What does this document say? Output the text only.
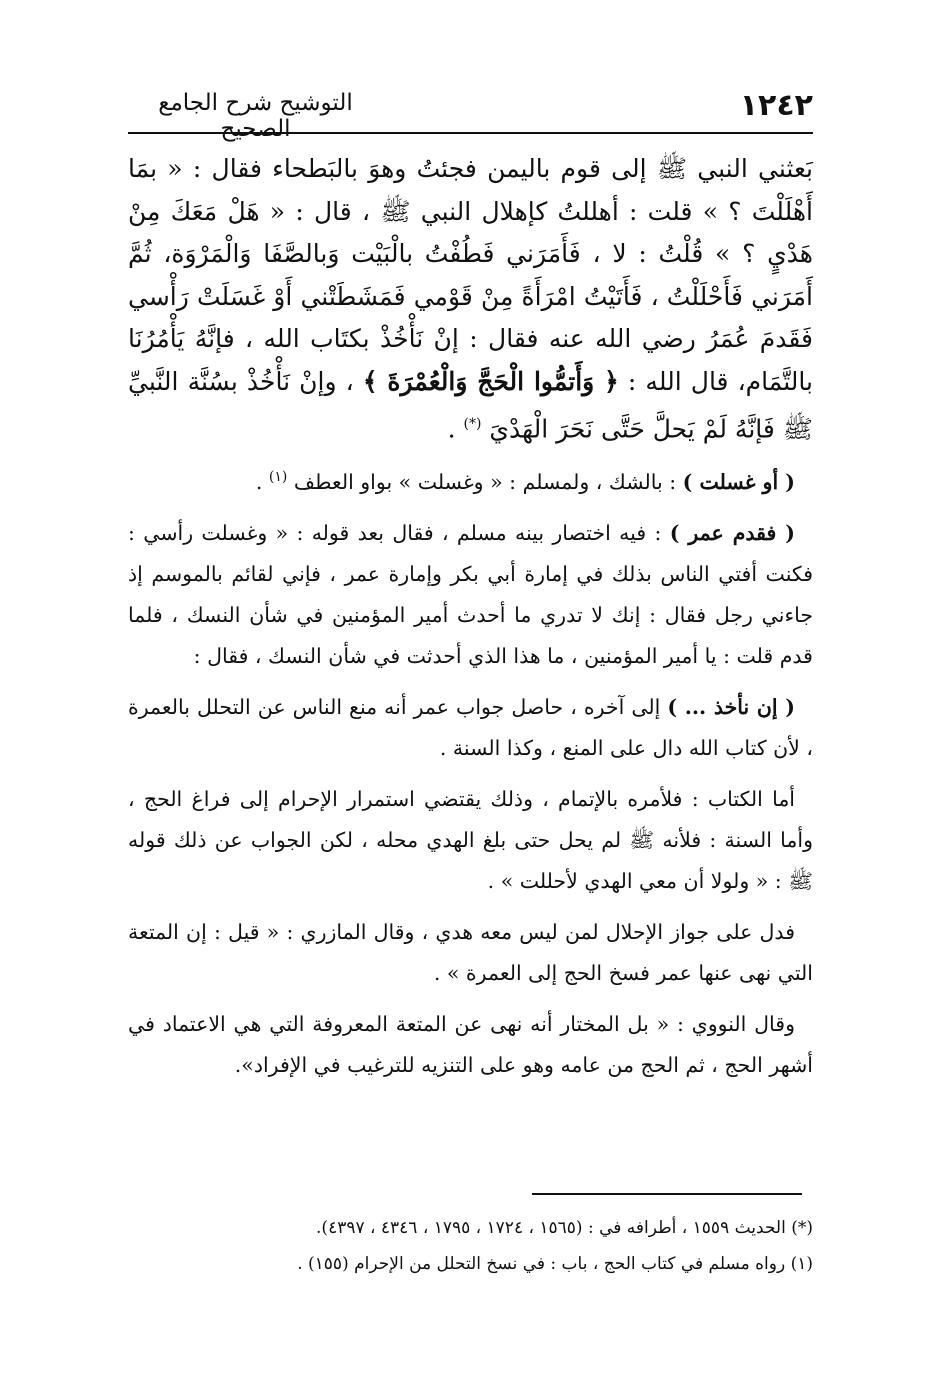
١٢٤٢
التوشيح شرح الجامع الصحيح

بَعثني النبي ﷺ إلى قوم باليمن فجئتُ وهوَ بالبَطحاء فقال : « بمَا أَهْلَلْتَ ؟ » قلت : أهللتُ كإهلال النبي ﷺ ، قال : « هَلْ مَعَكَ مِنْ هَدْيٍ ؟ » قُلْتُ : لا ، فَأَمَرَني فَطُفْتُ بالْبَيْت وَبالصَّفَا وَالْمَرْوَة، ثُمَّ أَمَرَني فَأَحْلَلْتُ ، فَأَتَيْتُ امْرَأَةً مِنْ قَوْمي فَمَشَطَتْني أَوْ غَسَلَتْ رَأْسي فَقَدمَ عُمَرُ رضي الله عنه فقال : إنْ نَأْخُذْ بكتَاب الله ، فإنَّهُ يَأْمُرُنَا بالتَّمَام، قال الله : ﴿ وَأَتمُّوا الْحَجَّ وَالْعُمْرَةَ ﴾ ، وإنْ نَأْخُذْ بسُنَّة النَّبيِّ ﷺ فَإنَّهُ لَمْ يَحلَّ حَتَّى نَحَرَ الْهَدْيَ (*) .

( أو غسلت ) : بالشك ، ولمسلم : « وغسلت » بواو العطف $^{(١)}$ .

( فقدم عمر ) : فيه اختصار بينه مسلم ، فقال بعد قوله : « وغسلت رأسي : فكنت أفتي الناس بذلك في إمارة أبي بكر وإمارة عمر ، فإني لقائم بالموسم إذ جاءني رجل فقال : إنك لا تدري ما أحدث أمير المؤمنين في شأن النسك ، فلما قدم قلت : يا أمير المؤمنين ، ما هذا الذي أحدثت في شأن النسك ، فقال :

( إن نأخذ ... ) إلى آخره ، حاصل جواب عمر أنه منع الناس عن التحلل بالعمرة ، لأن كتاب الله دال على المنع ، وكذا السنة .

أما الكتاب : فلأمره بالإتمام ، وذلك يقتضي استمرار الإحرام إلى فراغ الحج ، وأما السنة : فلأنه ﷺ لم يحل حتى بلغ الهدي محله ، لكن الجواب عن ذلك قوله ﷺ : « ولولا أن معي الهدي لأحللت » .

فدل على جواز الإحلال لمن ليس معه هدي ، وقال المازري : « قيل : إن المتعة التي نهى عنها عمر فسخ الحج إلى العمرة » .

وقال النووي : « بل المختار أنه نهى عن المتعة المعروفة التي هي الاعتماد في أشهر الحج ، ثم الحج من عامه وهو على التنزيه للترغيب في الإفراد».

(*) الحديث ١٥٥٩ ، أطرافه في : (١٥٦٥ ، ١٧٢٤ ، ١٧٩٥ ، ٤٣٤٦ ، ٤٣٩٧).
(١) رواه مسلم في كتاب الحج ، باب : في نسخ التحلل من الإحرام (١٥٥) .
